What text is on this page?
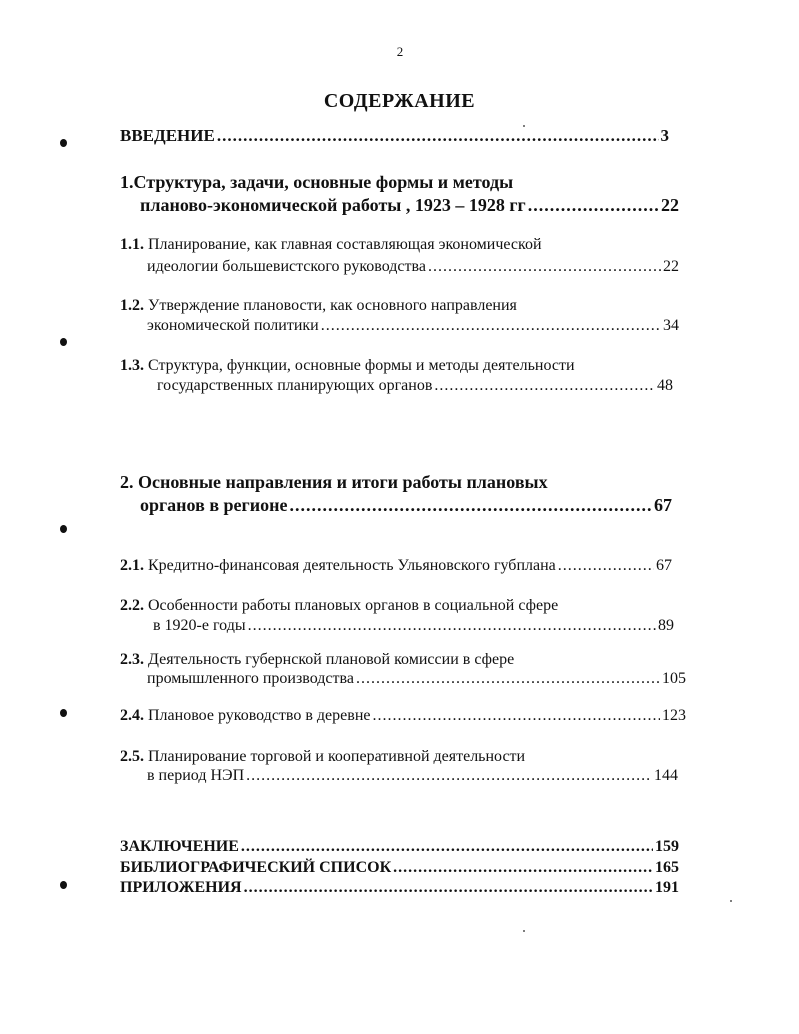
2
СОДЕРЖАНИЕ
ВВЕДЕНИЕ .....	3
1.Структура, задачи, основные формы и методы
планово-экономической работы , 1923 – 1928 гг .....	22
1.1. Планирование, как главная составляющая экономической
идеологии большевистского руководства .....	22
1.2. Утверждение плановости, как основного направления
экономической политики .....	34
1.3. Структура, функции, основные формы и методы деятельности
государственных планирующих органов .....	48
2. Основные направления и итоги работы плановых
органов в регионе .....	67
2.1. Кредитно-финансовая деятельность Ульяновского губплана .....	67
2.2. Особенности работы плановых органов в социальной сфере
в 1920-е годы .....	89
2.3. Деятельность губернской плановой комиссии в сфере
промышленного производства .....	105
2.4. Плановое руководство в деревне .....	123
2.5. Планирование торговой и кооперативной деятельности
в период НЭП .....	144
ЗАКЛЮЧЕНИЕ .....	159
БИБЛИОГРАФИЧЕСКИЙ СПИСОК .....	165
ПРИЛОЖЕНИЯ .....	191
